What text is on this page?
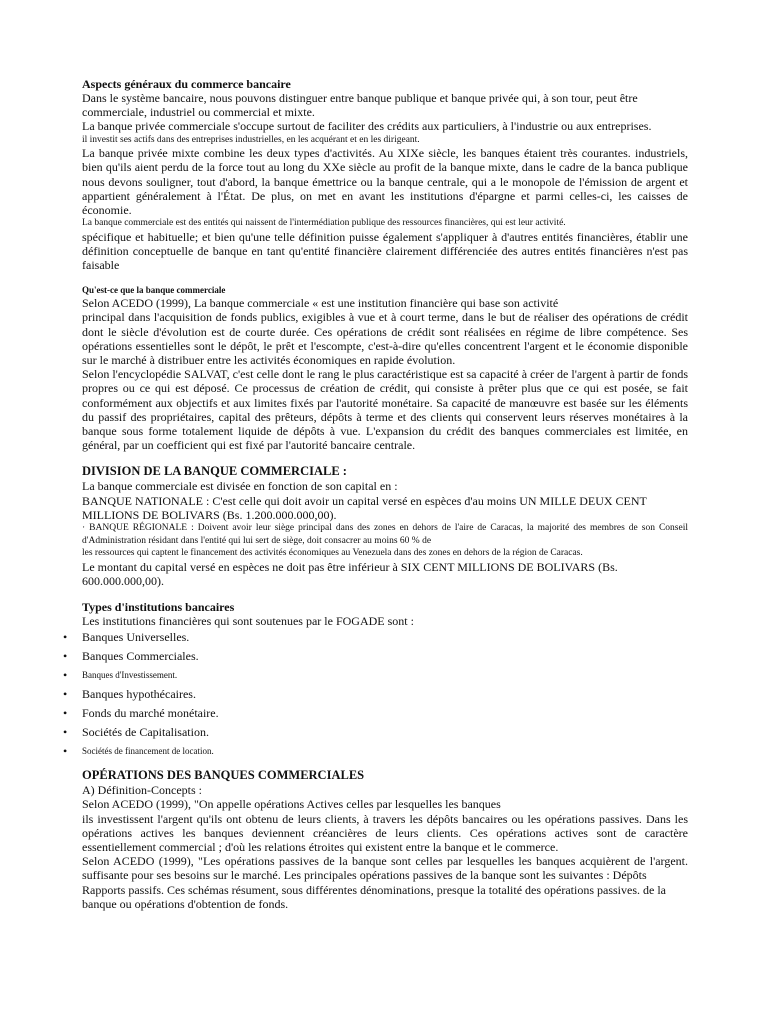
Aspects généraux du commerce bancaire

Dans le système bancaire, nous pouvons distinguer entre banque publique et banque privée qui, à son tour, peut être commerciale, industriel ou commercial et mixte.

La banque privée commerciale s'occupe surtout de faciliter des crédits aux particuliers, à l'industrie ou aux entreprises.

il investit ses actifs dans des entreprises industrielles, en les acquérant et en les dirigeant.

La banque privée mixte combine les deux types d'activités. Au XIXe siècle, les banques étaient très courantes. industriels, bien qu'ils aient perdu de la force tout au long du XXe siècle au profit de la banque mixte, dans le cadre de la banca publique nous devons souligner, tout d'abord, la banque émettrice ou la banque centrale, qui a le monopole de l'émission de argent et appartient généralement à l'État. De plus, on met en avant les institutions d'épargne et parmi celles-ci, les caisses de économie.

La banque commerciale est des entités qui naissent de l'intermédiation publique des ressources financières, qui est leur activité.

spécifique et habituelle; et bien qu'une telle définition puisse également s'appliquer à d'autres entités financières, établir une définition conceptuelle de banque en tant qu'entité financière clairement différenciée des autres entités financières n'est pas faisable

Qu'est-ce que la banque commerciale

Selon ACEDO (1999), La banque commerciale « est une institution financière qui base son activité

principal dans l'acquisition de fonds publics, exigibles à vue et à court terme, dans le but de réaliser des opérations de crédit dont le siècle d'évolution est de courte durée. Ces opérations de crédit sont réalisées en régime de libre compétence. Ses opérations essentielles sont le dépôt, le prêt et l'escompte, c'est-à-dire qu'elles concentrent l'argent et le économie disponible sur le marché à distribuer entre les activités économiques en rapide évolution.

Selon l'encyclopédie SALVAT, c'est celle dont le rang le plus caractéristique est sa capacité à créer de l'argent à partir de fonds propres ou ce qui est déposé. Ce processus de création de crédit, qui consiste à prêter plus que ce qui est posée, se fait conformément aux objectifs et aux limites fixés par l'autorité monétaire. Sa capacité de manœuvre est basée sur les éléments du passif des propriétaires, capital des prêteurs, dépôts à terme et des clients qui conservent leurs réserves monétaires à la banque sous forme totalement liquide de dépôts à vue. L'expansion du crédit des banques commerciales est limitée, en général, par un coefficient qui est fixé par l'autorité bancaire centrale.

DIVISION DE LA BANQUE COMMERCIALE :

La banque commerciale est divisée en fonction de son capital en :

BANQUE NATIONALE : C'est celle qui doit avoir un capital versé en espèces d'au moins UN MILLE DEUX CENT MILLIONS DE BOLIVARS (Bs. 1.200.000.000,00).

· BANQUE RÉGIONALE : Doivent avoir leur siège principal dans des zones en dehors de l'aire de Caracas, la majorité des membres de son Conseil d'Administration résidant dans l'entité qui lui sert de siège, doit consacrer au moins 60 % de

les ressources qui captent le financement des activités économiques au Venezuela dans des zones en dehors de la région de Caracas.

Le montant du capital versé en espèces ne doit pas être inférieur à SIX CENT MILLIONS DE BOLIVARS (Bs. 600.000.000,00).

Types d'institutions bancaires

Les institutions financières qui sont soutenues par le FOGADE sont :

• Banques Universelles.
• Banques Commerciales.
• Banques d'Investissement.
• Banques hypothécaires.
• Fonds du marché monétaire.
• Sociétés de Capitalisation.
• Sociétés de financement de location.
OPÉRATIONS DES BANQUES COMMERCIALES

A) Définition-Concepts :

Selon ACEDO (1999), "On appelle opérations Actives celles par lesquelles les banques

ils investissent l'argent qu'ils ont obtenu de leurs clients, à travers les dépôts bancaires ou les opérations passives. Dans les opérations actives les banques deviennent créancières de leurs clients. Ces opérations actives sont de caractère essentiellement commercial ; d'où les relations étroites qui existent entre la banque et le commerce.

Selon ACEDO (1999), "Les opérations passives de la banque sont celles par lesquelles les banques acquièrent de l'argent. suffisante pour ses besoins sur le marché. Les principales opérations passives de la banque sont les suivantes : Dépôts

Rapports passifs. Ces schémas résument, sous différentes dénominations, presque la totalité des opérations passives. de la banque ou opérations d'obtention de fonds.
